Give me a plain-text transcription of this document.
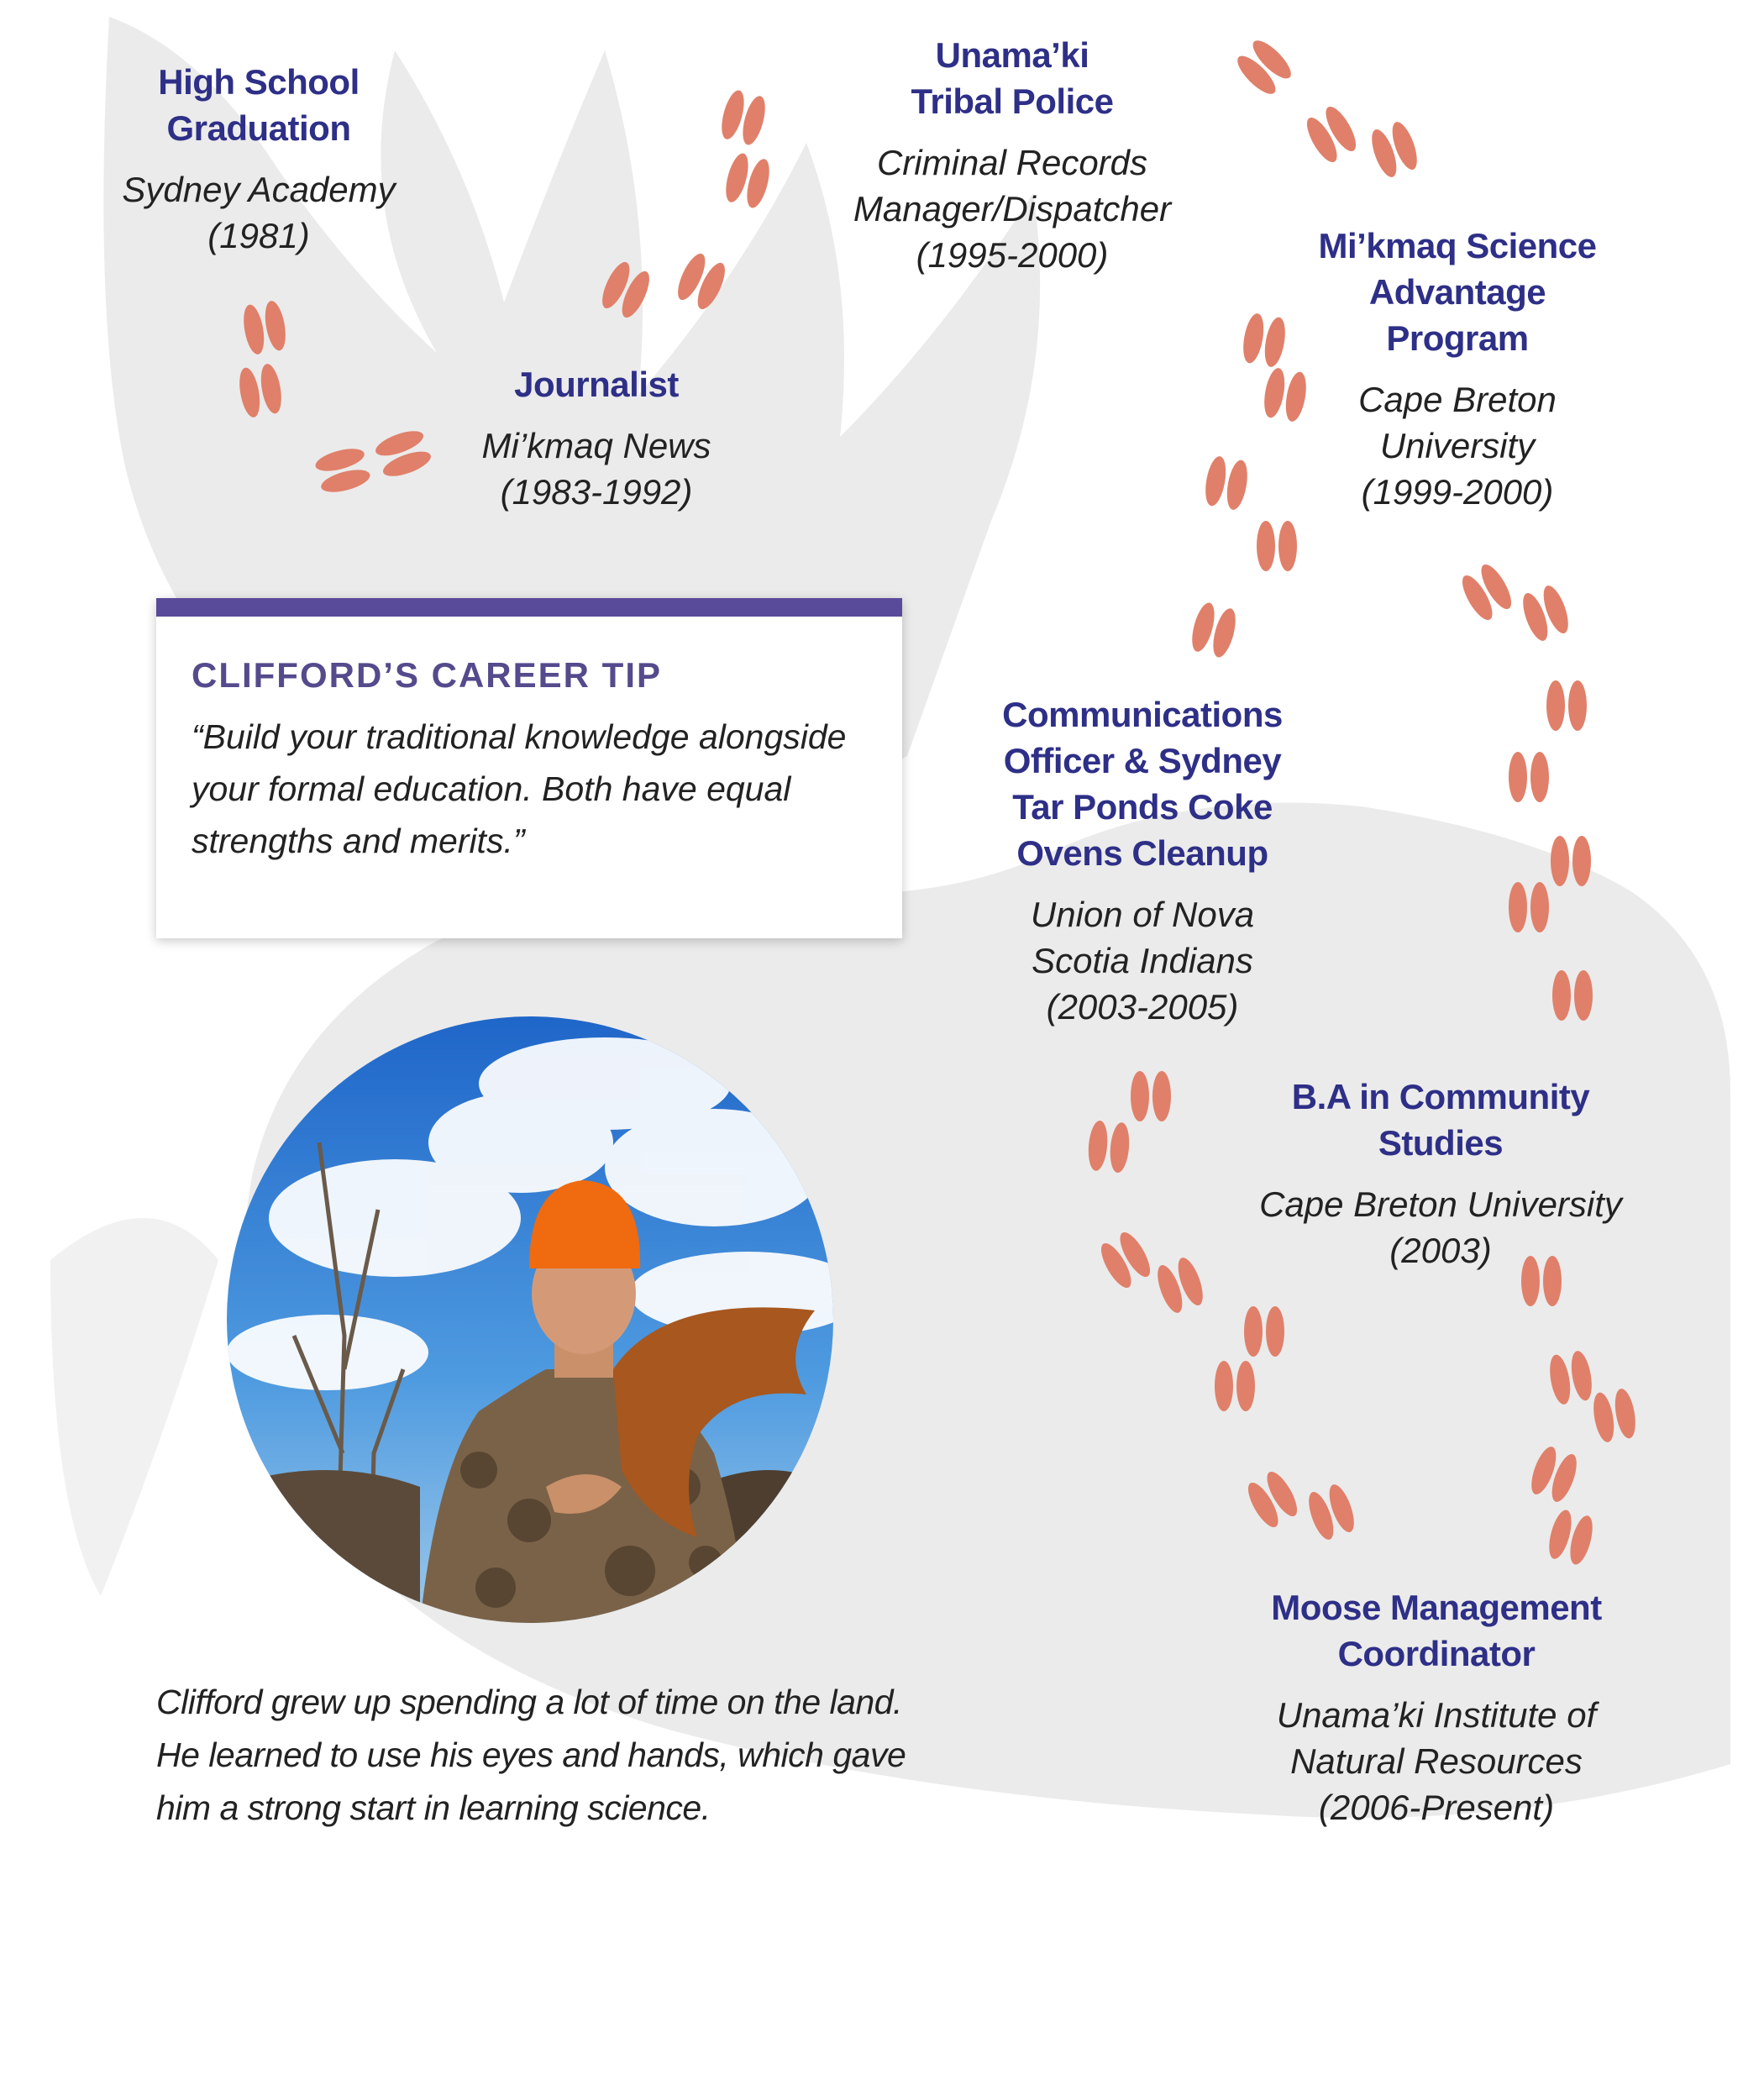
High School
Graduation
Sydney Academy
(1981)
Journalist
Mi’kmaq News
(1983-1992)
Unama’ki
Tribal Police
Criminal Records
Manager/Dispatcher
(1995-2000)	Mi’kmaq Science
Advantage
Program
Cape Breton
University
(1999-2000)
Communications
Officer & Sydney
Tar Ponds Coke
Ovens Cleanup
Union of Nova
Scotia Indians
(2003-2005)
B.A in Community
Studies
Cape Breton University
(2003)
Moose Management
Coordinator
Unama’ki Institute of
Natural Resources
(2006-Present)
CLIFFORD’S CAREER TIP
“Build your traditional knowledge alongside your formal education. Both have equal strengths and merits.”
Clifford grew up spending a lot of time on the land. He learned to use his eyes and hands, which gave him a strong start in learning science.
